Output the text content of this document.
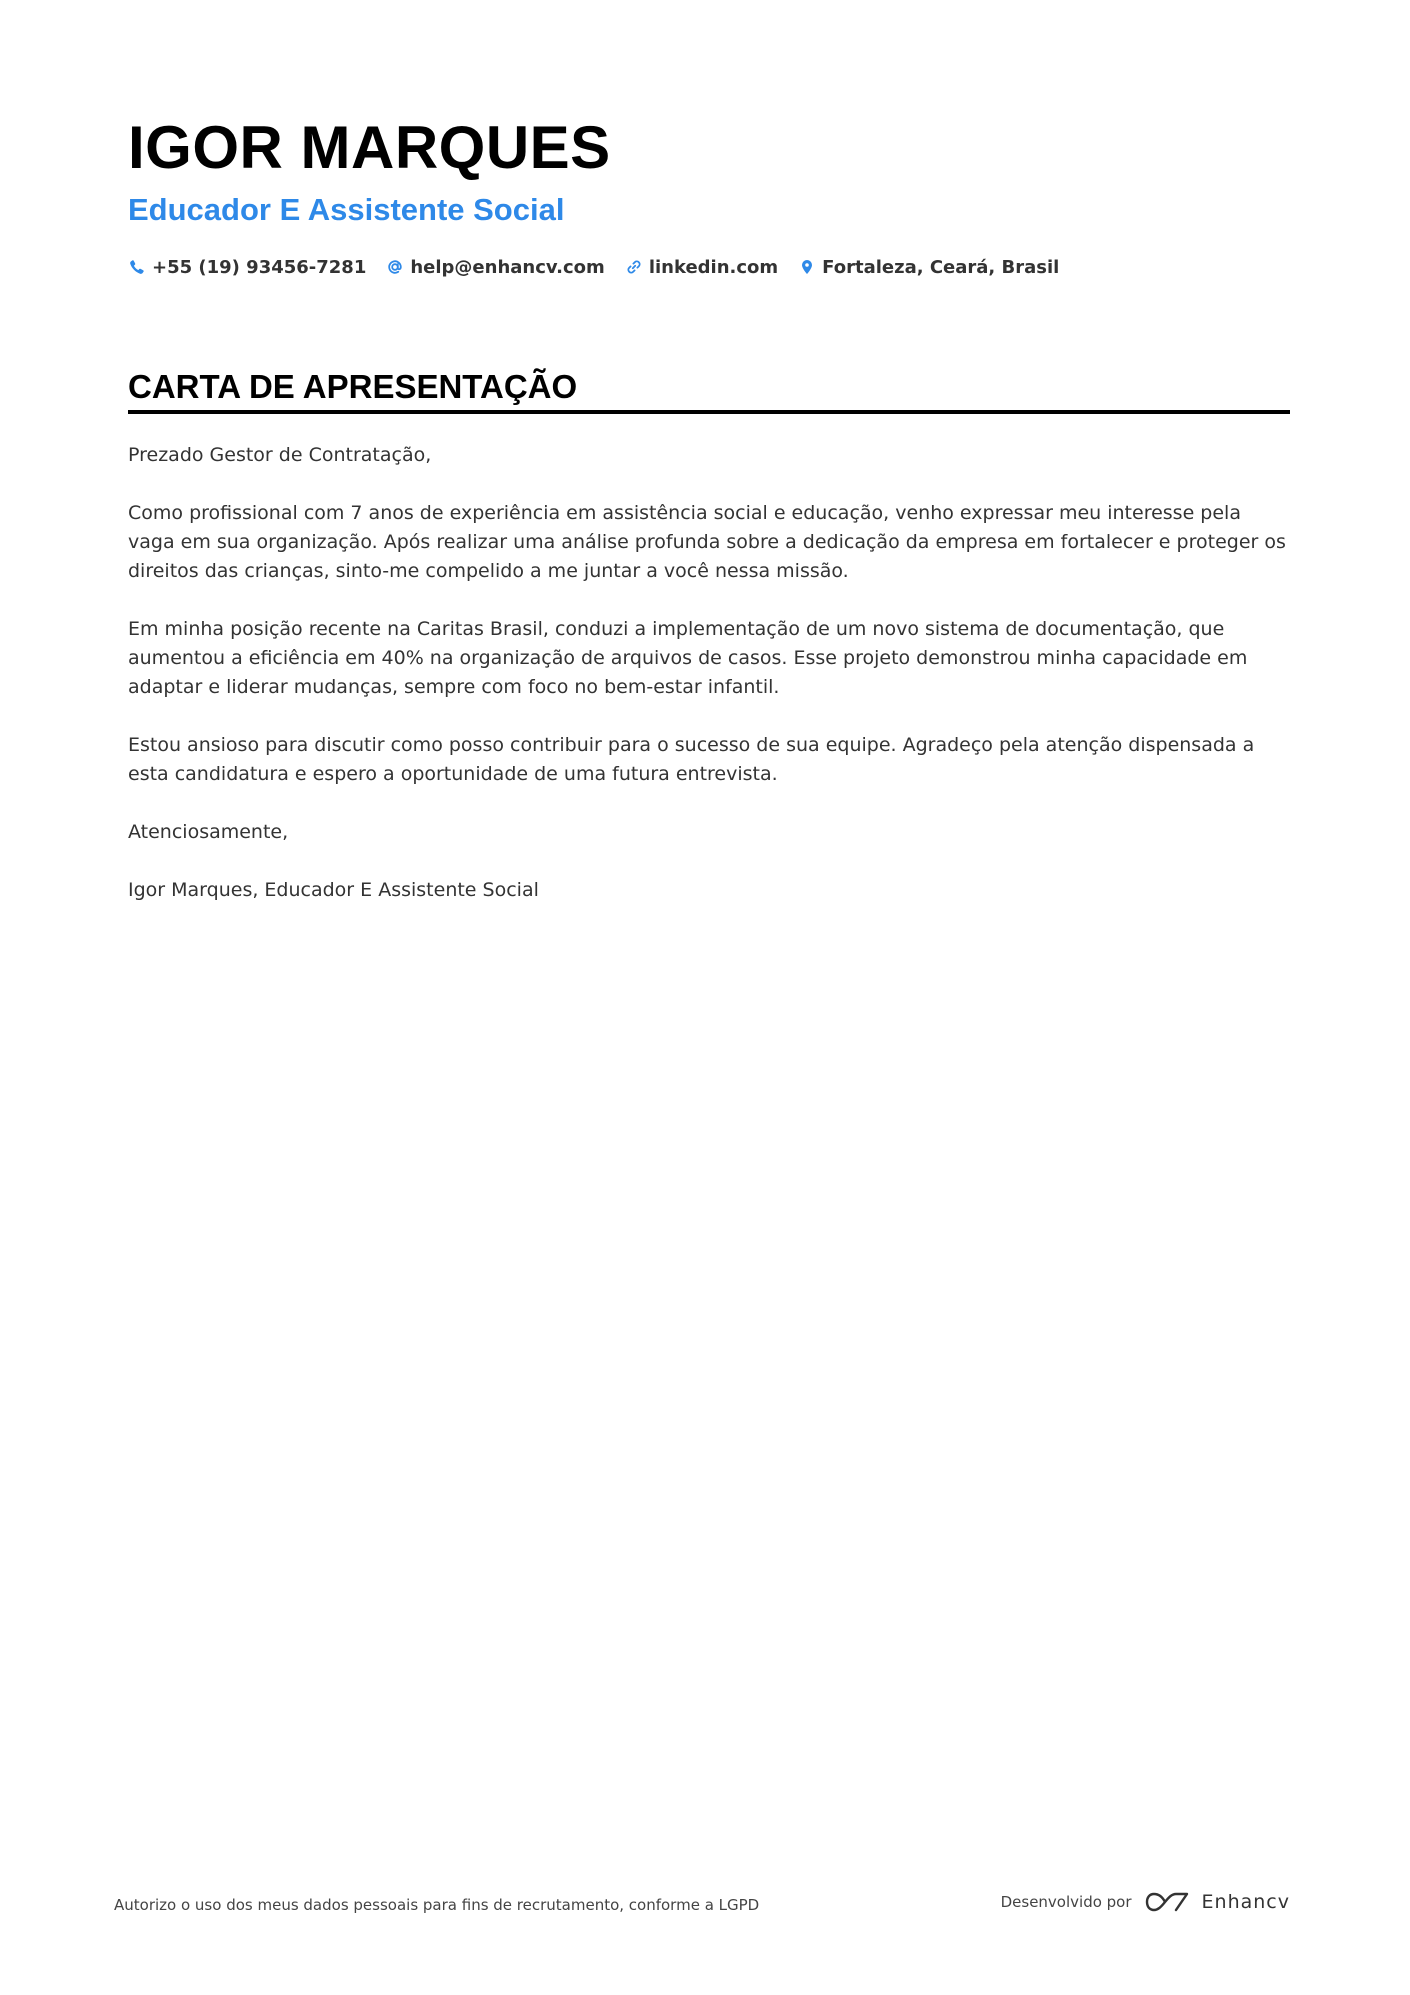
IGOR MARQUES
Educador E Assistente Social
+55 (19) 93456-7281 help@enhancv.com linkedin.com Fortaleza, Ceará, Brasil
CARTA DE APRESENTAÇÃO

Prezado Gestor de Contratação,

Como profissional com 7 anos de experiência em assistência social e educação, venho expressar meu interesse pela vaga em sua organização. Após realizar uma análise profunda sobre a dedicação da empresa em fortalecer e proteger os direitos das crianças, sinto-me compelido a me juntar a você nessa missão.

Em minha posição recente na Caritas Brasil, conduzi a implementação de um novo sistema de documentação, que aumentou a eficiência em 40% na organização de arquivos de casos. Esse projeto demonstrou minha capacidade em adaptar e liderar mudanças, sempre com foco no bem-estar infantil.

Estou ansioso para discutir como posso contribuir para o sucesso de sua equipe. Agradeço pela atenção dispensada a esta candidatura e espero a oportunidade de uma futura entrevista.

Atenciosamente,

Igor Marques, Educador E Assistente Social

Autorizo o uso dos meus dados pessoais para fins de recrutamento, conforme a LGPD	Desenvolvido por	Enhancv
